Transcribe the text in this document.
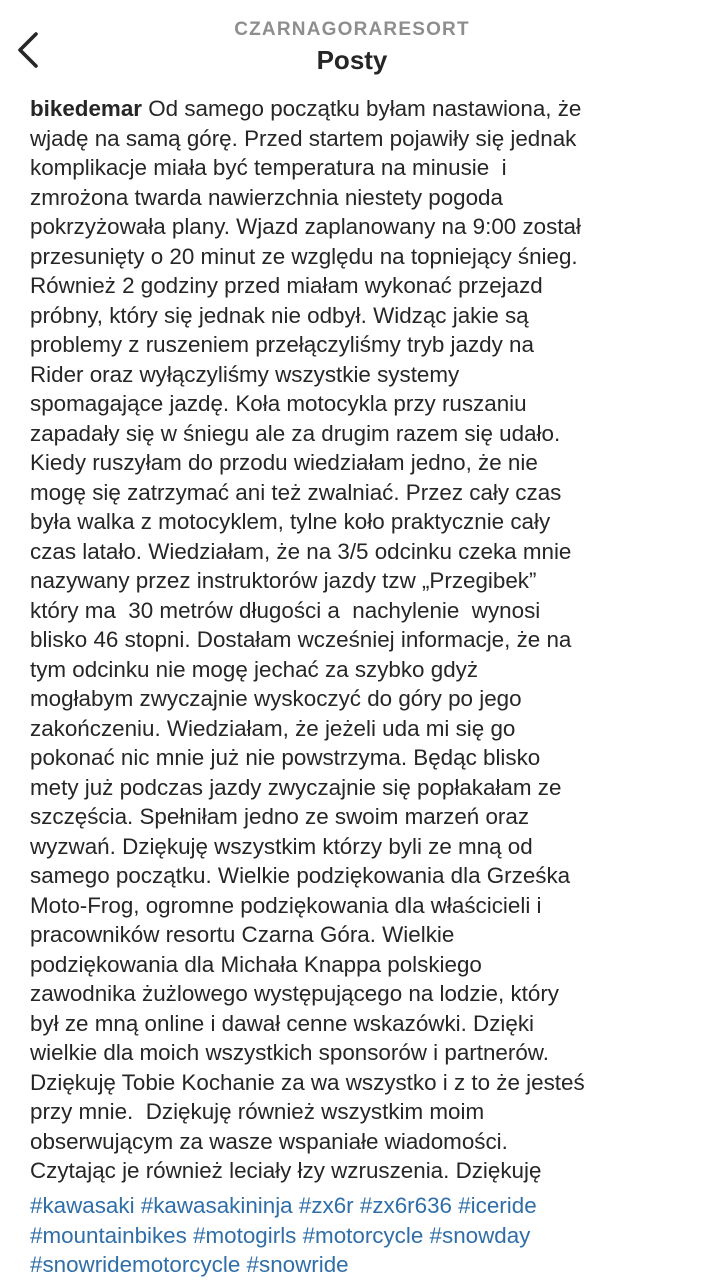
CZARNAGORARESORT
Posty
bikedemar Od samego początku byłam nastawiona, że
wjadę na samą górę. Przed startem pojawiły się jednak
komplikacje miała być temperatura na minusie  i
zmrożona twarda nawierzchnia niestety pogoda
pokrzyżowała plany. Wjazd zaplanowany na 9:00 został
przesunięty o 20 minut ze względu na topniejący śnieg.
Również 2 godziny przed miałam wykonać przejazd
próbny, który się jednak nie odbył. Widząc jakie są
problemy z ruszeniem przełączyliśmy tryb jazdy na
Rider oraz wyłączyliśmy wszystkie systemy
spomagające jazdę. Koła motocykla przy ruszaniu
zapadały się w śniegu ale za drugim razem się udało.
Kiedy ruszyłam do przodu wiedziałam jedno, że nie
mogę się zatrzymać ani też zwalniać. Przez cały czas
była walka z motocyklem, tylne koło praktycznie cały
czas latało. Wiedziałam, że na 3/5 odcinku czeka mnie
nazywany przez instruktorów jazdy tzw „Przegibek”
który ma  30 metrów długości a  nachylenie  wynosi
blisko 46 stopni. Dostałam wcześniej informacje, że na
tym odcinku nie mogę jechać za szybko gdyż
mogłabym zwyczajnie wyskoczyć do góry po jego
zakończeniu. Wiedziałam, że jeżeli uda mi się go
pokonać nic mnie już nie powstrzyma. Będąc blisko
mety już podczas jazdy zwyczajnie się popłakałam ze
szczęścia. Spełniłam jedno ze swoim marzeń oraz
wyzwań. Dziękuję wszystkim którzy byli ze mną od
samego początku. Wielkie podziękowania dla Grześka
Moto-Frog, ogromne podziękowania dla właścicieli i
pracowników resortu Czarna Góra. Wielkie
podziękowania dla Michała Knappa polskiego
zawodnika żużlowego występującego na lodzie, który
był ze mną online i dawał cenne wskazówki. Dzięki
wielkie dla moich wszystkich sponsorów i partnerów.
Dziękuję Tobie Kochanie za wa wszystko i z to że jesteś
przy mnie.  Dziękuję również wszystkim moim
obserwującym za wasze wspaniałe wiadomości.
Czytając je również leciały łzy wzruszenia. Dziękuję
#kawasaki #kawasakininja #zx6r #zx6r636 #iceride
#mountainbikes #motogirls #motorcycle #snowday
#snowridemotorcycle #snowride
